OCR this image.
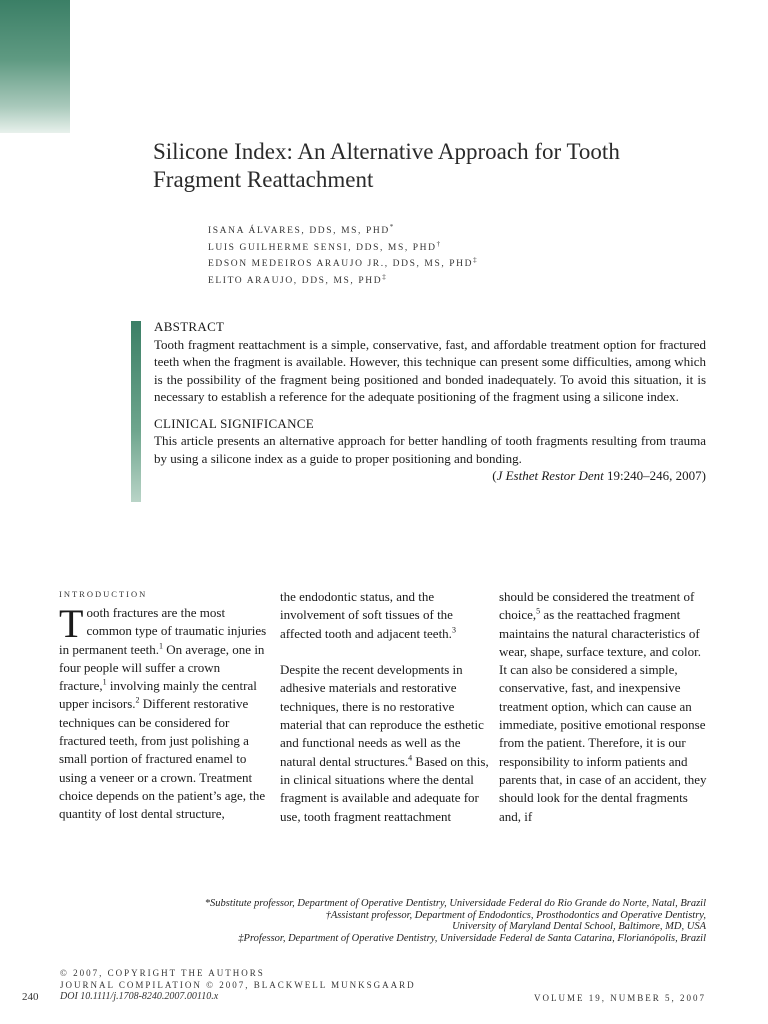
Silicone Index: An Alternative Approach for Tooth
Fragment Reattachment
ISANA ÁLVARES, DDS, MS, PHD*
LUIS GUILHERME SENSI, DDS, MS, PHD†
EDSON MEDEIROS ARAUJO JR., DDS, MS, PHD‡
ELITO ARAUJO, DDS, MS, PHD‡
ABSTRACT

Tooth fragment reattachment is a simple, conservative, fast, and affordable treatment option for fractured teeth when the fragment is available. However, this technique can present some difficulties, among which is the possibility of the fragment being positioned and bonded inadequately. To avoid this situation, it is necessary to establish a reference for the adequate positioning of the fragment using a silicone index.

CLINICAL SIGNIFICANCE

This article presents an alternative approach for better handling of tooth fragments resulting from trauma by using a silicone index as a guide to proper positioning and bonding.

(J Esthet Restor Dent 19:240–246, 2007)

INTRODUCTION

Tooth fractures are the most common type of traumatic injuries in permanent teeth.$^1$ On average, one in four people will suffer a crown fracture,$^1$ involving mainly the central upper incisors.$^2$ Different restorative techniques can be considered for fractured teeth, from just polishing a small portion of fractured enamel to using a veneer or a crown. Treatment choice depends on the patient’s age, the quantity of lost dental structure,

the endodontic status, and the involvement of soft tissues of the affected tooth and adjacent teeth.$^3$

Despite the recent developments in adhesive materials and restorative techniques, there is no restorative material that can reproduce the esthetic and functional needs as well as the natural dental structures.$^4$ Based on this, in clinical situations where the dental fragment is available and adequate for use, tooth fragment reattachment

should be considered the treatment of choice,$^5$ as the reattached fragment maintains the natural characteristics of wear, shape, surface texture, and color. It can also be considered a simple, conservative, fast, and inexpensive treatment option, which can cause an immediate, positive emotional response from the patient. Therefore, it is our responsibility to inform patients and parents that, in case of an accident, they should look for the dental fragments and, if

*Substitute professor, Department of Operative Dentistry, Universidade Federal do Rio Grande do Norte, Natal, Brazil
†Assistant professor, Department of Endodontics, Prosthodontics and Operative Dentistry,
University of Maryland Dental School, Baltimore, MD, USA
‡Professor, Department of Operative Dentistry, Universidade Federal de Santa Catarina, Florianópolis, Brazil
© 2007, COPYRIGHT THE AUTHORS
JOURNAL COMPILATION © 2007, BLACKWELL MUNKSGAARD
240 DOI 10.1111/j.1708-8240.2007.00110.x	VOLUME 19, NUMBER 5, 2007
